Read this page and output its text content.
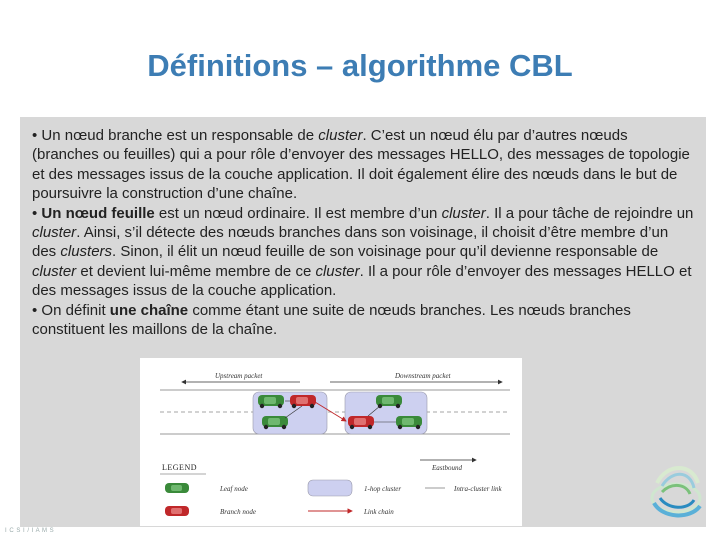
Définitions – algorithme CBL

• Un nœud branche est un responsable de cluster. C’est un nœud élu par d’autres nœuds (branches ou feuilles) qui a pour rôle d’envoyer des messages HELLO, des messages de topologie et des messages issus de la couche application. Il doit également élire des nœuds dans le but de poursuivre la construction d’une chaîne.

• Un nœud feuille est un nœud ordinaire. Il est membre d’un cluster. Il a pour tâche de rejoindre un cluster. Ainsi, s’il détecte des nœuds branches dans son voisinage, il choisit d’être membre d’un des clusters. Sinon, il élit un nœud feuille de son voisinage pour qu’il devienne responsable de cluster et devient lui-même membre de ce cluster. Il a pour rôle d’envoyer des messages HELLO et des messages issus de la couche application.

• On définit une chaîne comme étant une suite de nœuds branches. Les nœuds branches constituent les maillons de la chaîne.

Upstream packet	Downstream packet
Eastbound
LEGEND
Leaf node
Branch node
1-hop cluster
Link chain
Intra-cluster link
I C S I / I A M S
